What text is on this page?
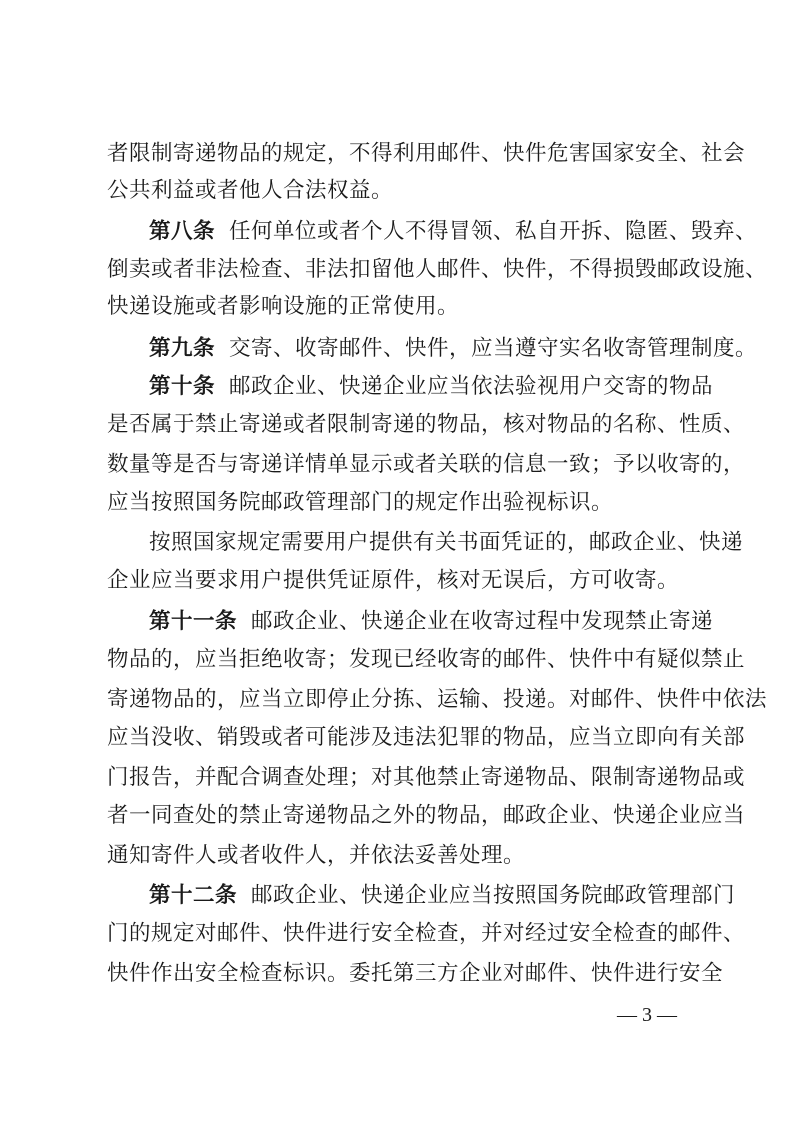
者限制寄递物品的规定，不得利用邮件、快件危害国家安全、社会
公共利益或者他人合法权益。
第八条 任何单位或者个人不得冒领、私自开拆、隐匿、毁弃、
倒卖或者非法检查、非法扣留他人邮件、快件，不得损毁邮政设施、
快递设施或者影响设施的正常使用。
第九条 交寄、收寄邮件、快件，应当遵守实名收寄管理制度。
第十条 邮政企业、快递企业应当依法验视用户交寄的物品
是否属于禁止寄递或者限制寄递的物品，核对物品的名称、性质、
数量等是否与寄递详情单显示或者关联的信息一致；予以收寄的，
应当按照国务院邮政管理部门的规定作出验视标识。
按照国家规定需要用户提供有关书面凭证的，邮政企业、快递
企业应当要求用户提供凭证原件，核对无误后，方可收寄。
第十一条 邮政企业、快递企业在收寄过程中发现禁止寄递
物品的，应当拒绝收寄；发现已经收寄的邮件、快件中有疑似禁止
寄递物品的，应当立即停止分拣、运输、投递。对邮件、快件中依法
应当没收、销毁或者可能涉及违法犯罪的物品，应当立即向有关部
门报告，并配合调查处理；对其他禁止寄递物品、限制寄递物品或
者一同查处的禁止寄递物品之外的物品，邮政企业、快递企业应当
通知寄件人或者收件人，并依法妥善处理。
第十二条 邮政企业、快递企业应当按照国务院邮政管理部门
门的规定对邮件、快件进行安全检查，并对经过安全检查的邮件、
快件作出安全检查标识。委托第三方企业对邮件、快件进行安全
— 3 —
